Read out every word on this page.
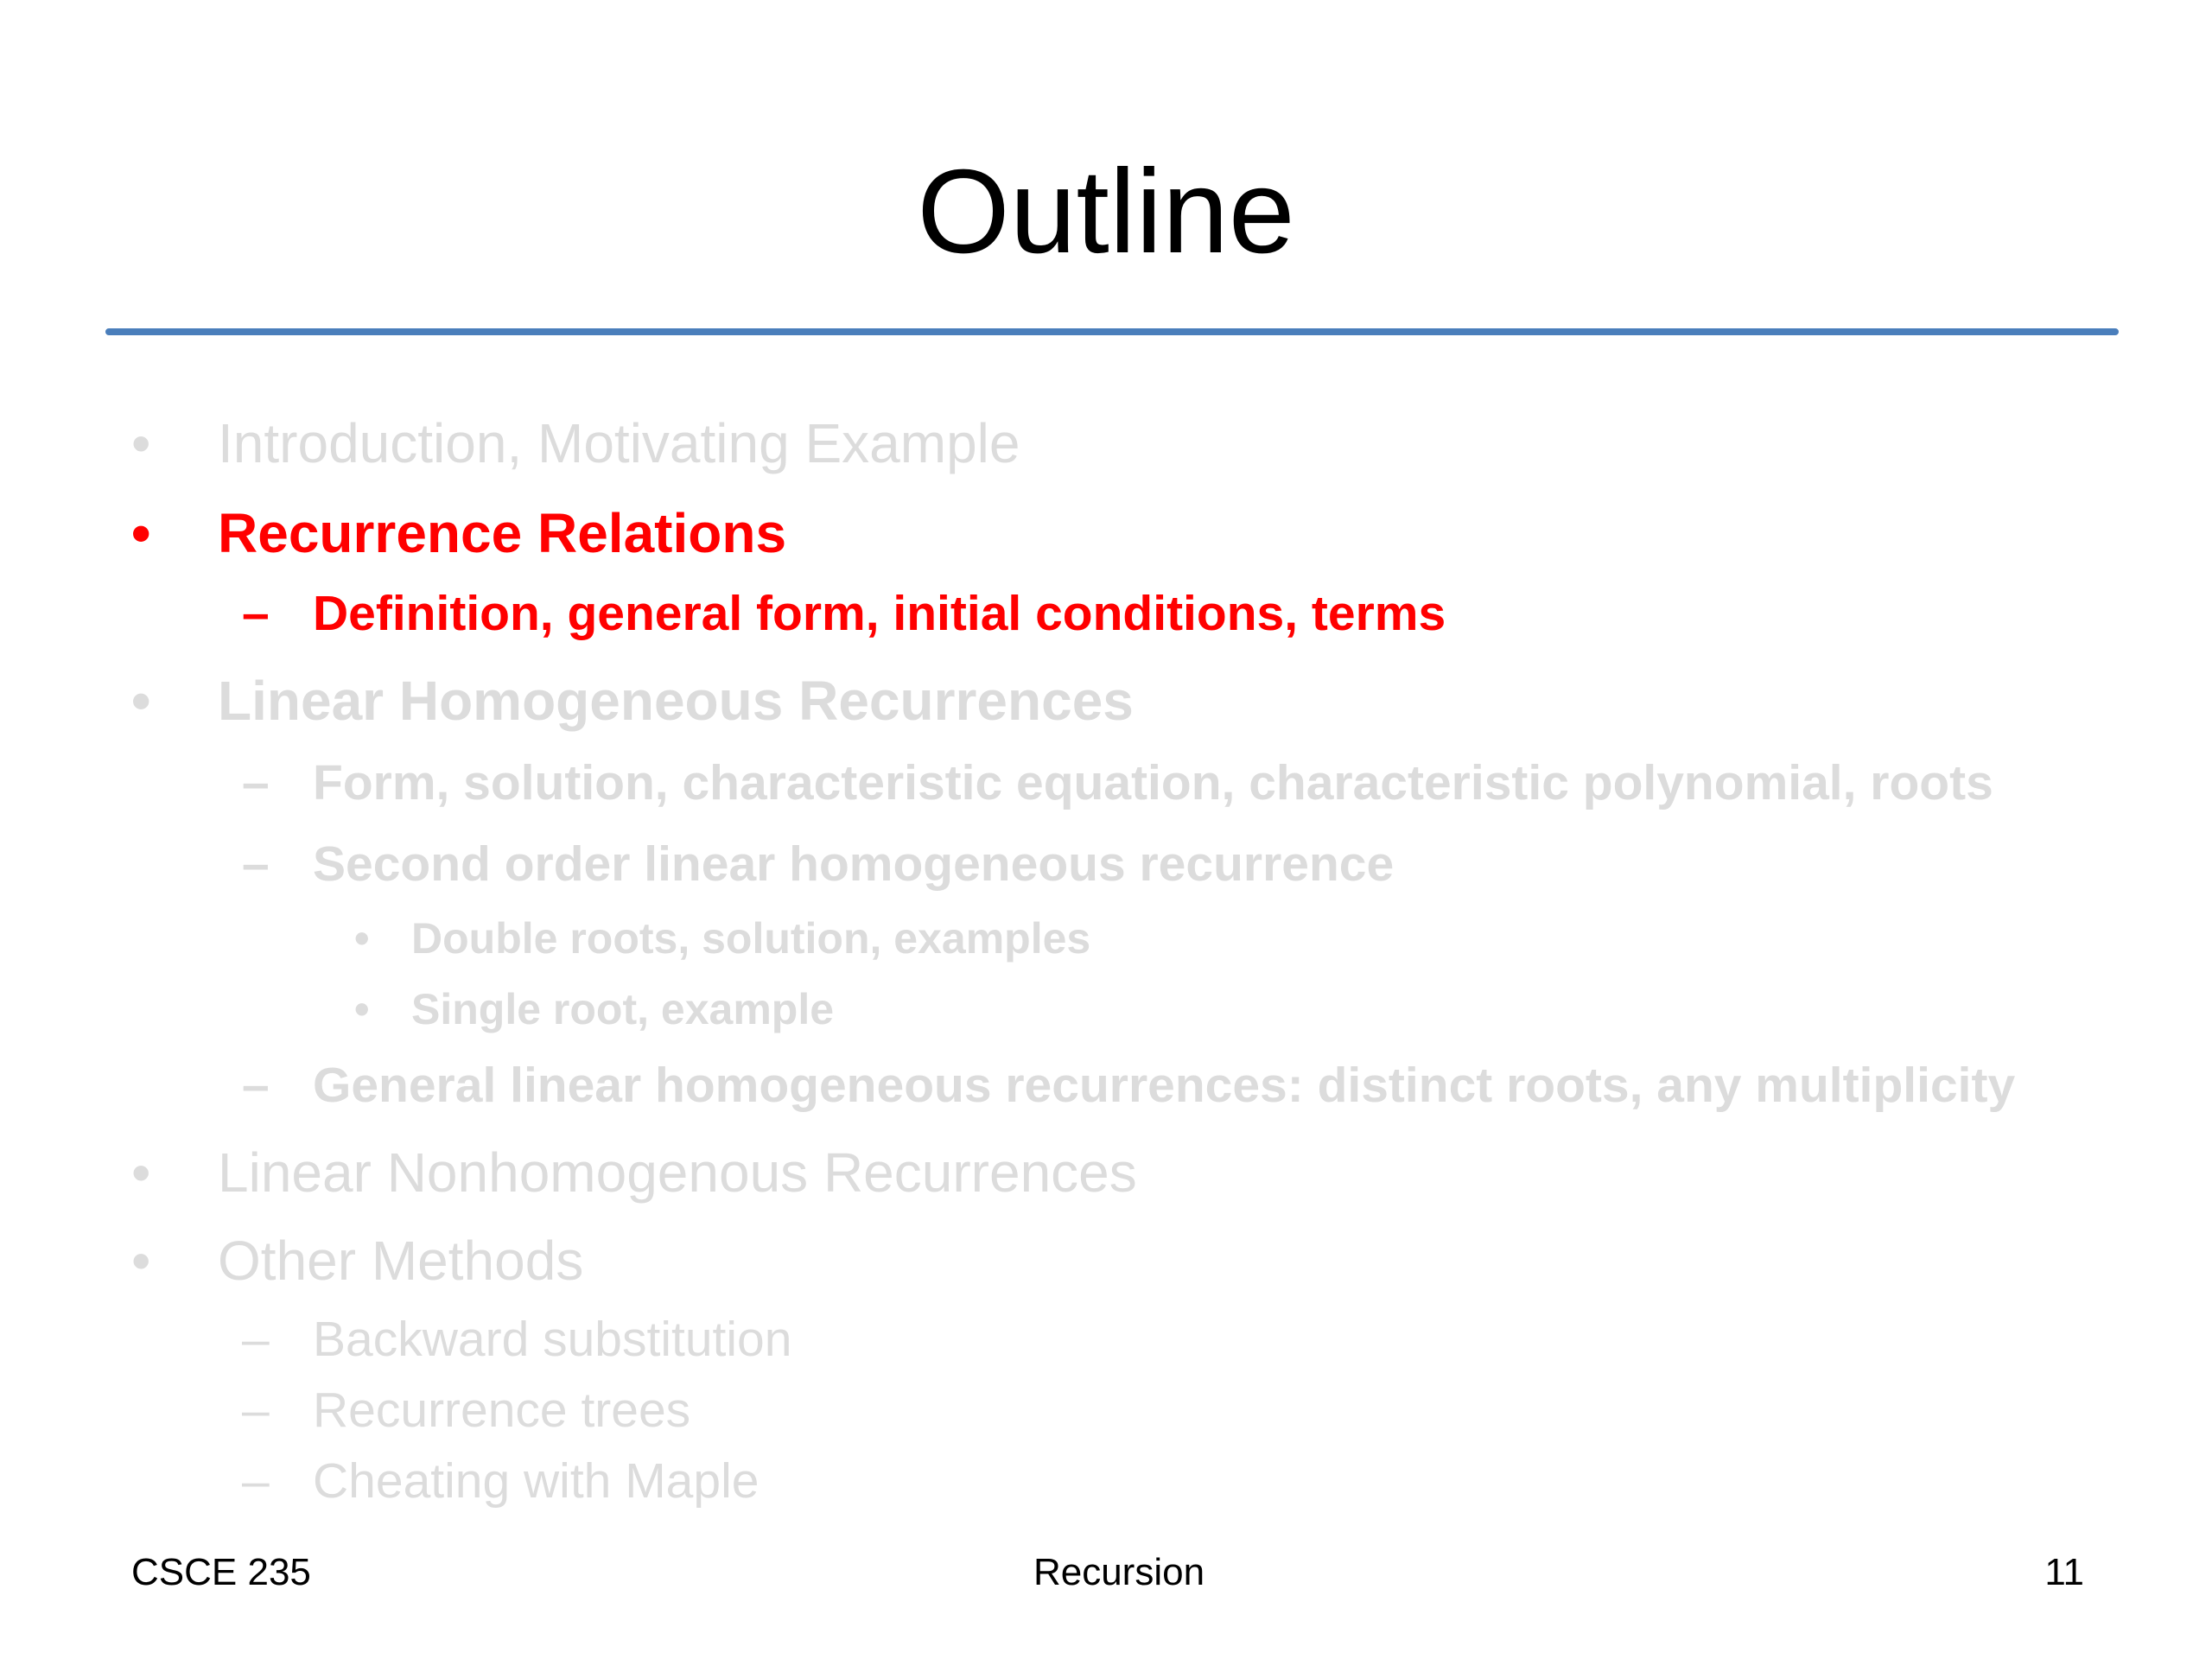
Outline
• Introduction, Motivating Example
• Recurrence Relations
– Definition, general form, initial conditions, terms
• Linear Homogeneous Recurrences
– Form, solution, characteristic equation, characteristic polynomial, roots
– Second order linear homogeneous recurrence
• Double roots, solution, examples
• Single root, example
– General linear homogeneous recurrences: distinct roots, any multiplicity
• Linear Nonhomogenous Recurrences
• Other Methods
– Backward substitution
– Recurrence trees
– Cheating with Maple
CSCE 235	Recursion	11
